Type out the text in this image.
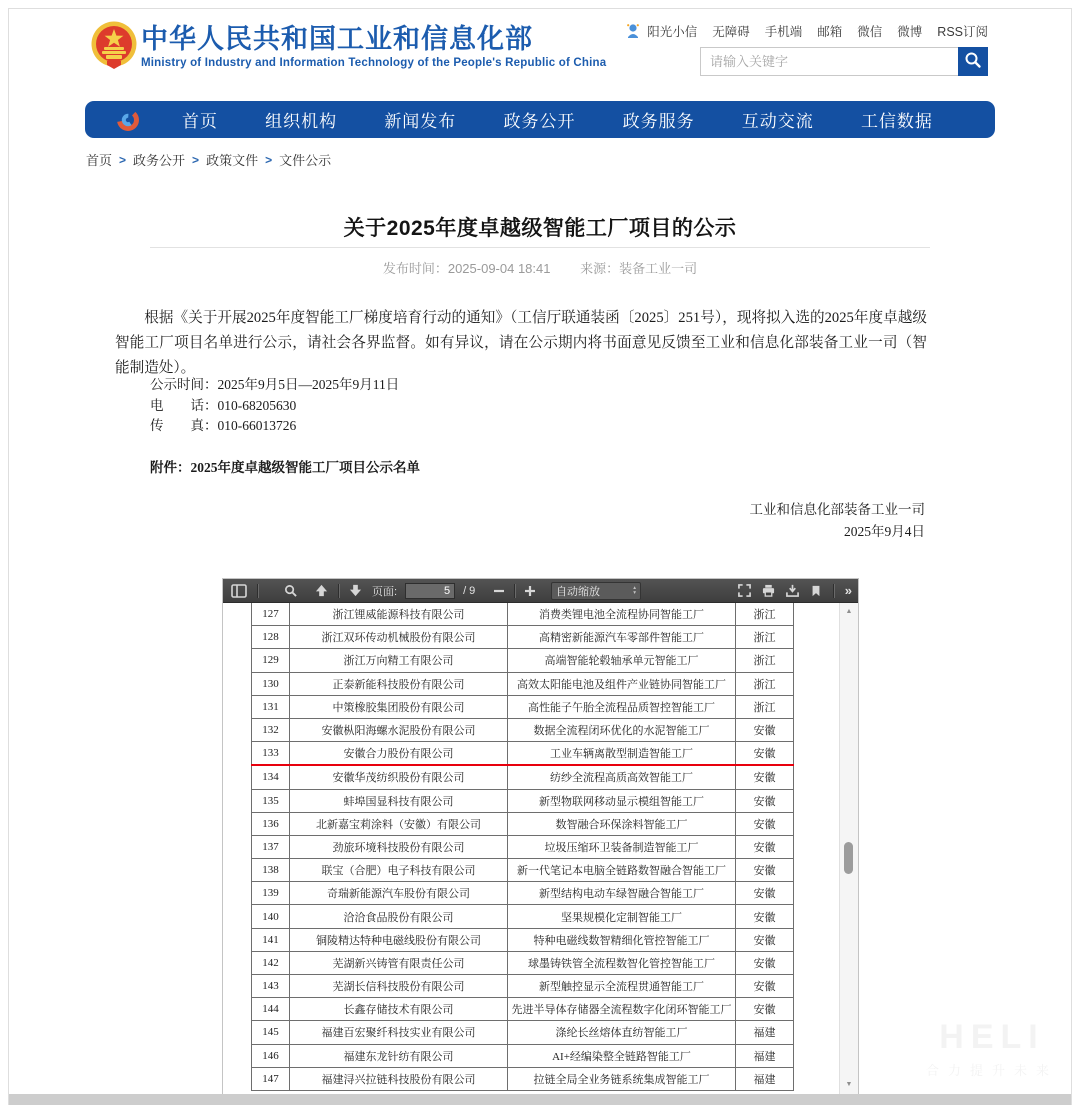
中华人民共和国工业和信息化部
Ministry of Industry and Information Technology of the People's Republic of China
阳光小信 无障碍 手机端 邮箱 微信 微博 RSS订阅
请输入关键字
首页	组织机构	新闻发布	政务公开	政务服务	互动交流	工信数据
首页 > 政务公开 > 政策文件 > 文件公示
关于2025年度卓越级智能工厂项目的公示
发布时间：2025-09-04 18:41 来源：装备工业一司

根据《关于开展2025年度智能工厂梯度培育行动的通知》（工信厅联通装函〔2025〕251号），现将拟入选的2025年度卓越级智能工厂项目名单进行公示，请社会各界监督。如有异议，请在公示期内将书面意见反馈至工业和信息化部装备工业一司（智能制造处）。

公示时间：2025年9月5日—2025年9月11日
电　　话：010-68205630
传　　真：010-66013726
附件：2025年度卓越级智能工厂项目公示名单
工业和信息化部装备工业一司
2025年9月4日
页面:
5	/ 9	自动缩放	▴
▾	»
127	浙江锂威能源科技有限公司	消费类锂电池全流程协同智能工厂	浙江
128	浙江双环传动机械股份有限公司	高精密新能源汽车零部件智能工厂	浙江
129	浙江万向精工有限公司	高端智能轮毂轴承单元智能工厂	浙江
130	正泰新能科技股份有限公司	高效太阳能电池及组件产业链协同智能工厂	浙江
131	中策橡胶集团股份有限公司	高性能子午胎全流程品质智控智能工厂	浙江
132	安徽枞阳海螺水泥股份有限公司	数据全流程闭环优化的水泥智能工厂	安徽
133	安徽合力股份有限公司	工业车辆离散型制造智能工厂	安徽
134	安徽华茂纺织股份有限公司	纺纱全流程高质高效智能工厂	安徽
135	蚌埠国显科技有限公司	新型物联网移动显示模组智能工厂	安徽
136	北新嘉宝莉涂料（安徽）有限公司	数智融合环保涂料智能工厂	安徽
137	劲旅环境科技股份有限公司	垃圾压缩环卫装备制造智能工厂	安徽
138	联宝（合肥）电子科技有限公司	新一代笔记本电脑全链路数智融合智能工厂	安徽
139	奇瑞新能源汽车股份有限公司	新型结构电动车绿智融合智能工厂	安徽
140	洽洽食品股份有限公司	坚果规模化定制智能工厂	安徽
141	铜陵精达特种电磁线股份有限公司	特种电磁线数智精细化管控智能工厂	安徽
142	芜湖新兴铸管有限责任公司	球墨铸铁管全流程数智化管控智能工厂	安徽
143	芜湖长信科技股份有限公司	新型触控显示全流程贯通智能工厂	安徽
144	长鑫存储技术有限公司	先进半导体存储器全流程数字化闭环智能工厂	安徽
145	福建百宏聚纤科技实业有限公司	涤纶长丝熔体直纺智能工厂	福建
146	福建东龙针纺有限公司	AI+经编染整全链路智能工厂	福建
147	福建浔兴拉链科技股份有限公司	拉链全局全业务链系统集成智能工厂	福建
▲
▼
HELI
合力提升未来
